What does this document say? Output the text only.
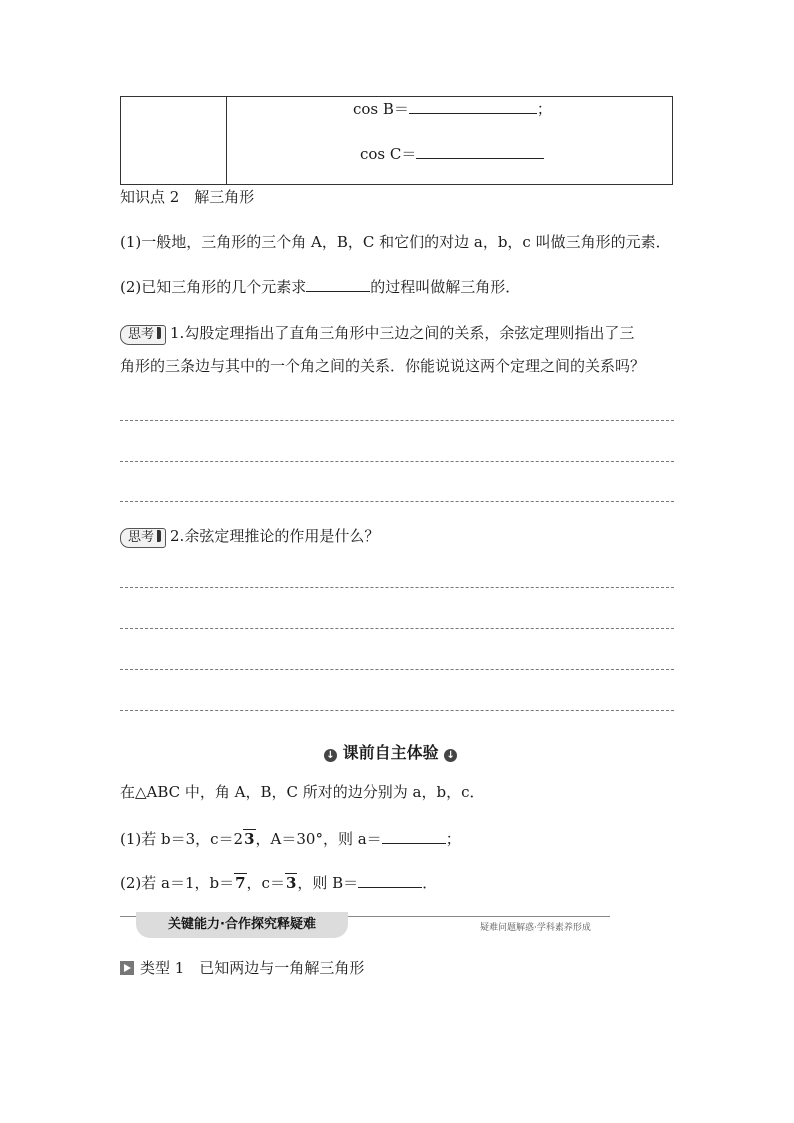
cos B＝	；
cos C＝
知识点 2　解三角形
(1)一般地，三角形的三个角 A，B，C 和它们的对边 a，b，c 叫做三角形的元素．
(2)已知三角形的几个元素求	的过程叫做解三角形．
思考 1.勾股定理指出了直角三角形中三边之间的关系，余弦定理则指出了三
角形的三条边与其中的一个角之间的关系．你能说说这两个定理之间的关系吗？
思考 2.余弦定理推论的作用是什么？
↓ 课前自主体验 ↓
在△ABC 中，角 A，B，C 所对的边分别为 a，b，c．
(1)若 b＝3，c＝23，A＝30°，则 a＝	；
(2)若 a＝1，b＝7，c＝3，则 B＝	．
关键能力·合作探究释疑难	疑难问题解惑·学科素养形成
类型 1　已知两边与一角解三角形
